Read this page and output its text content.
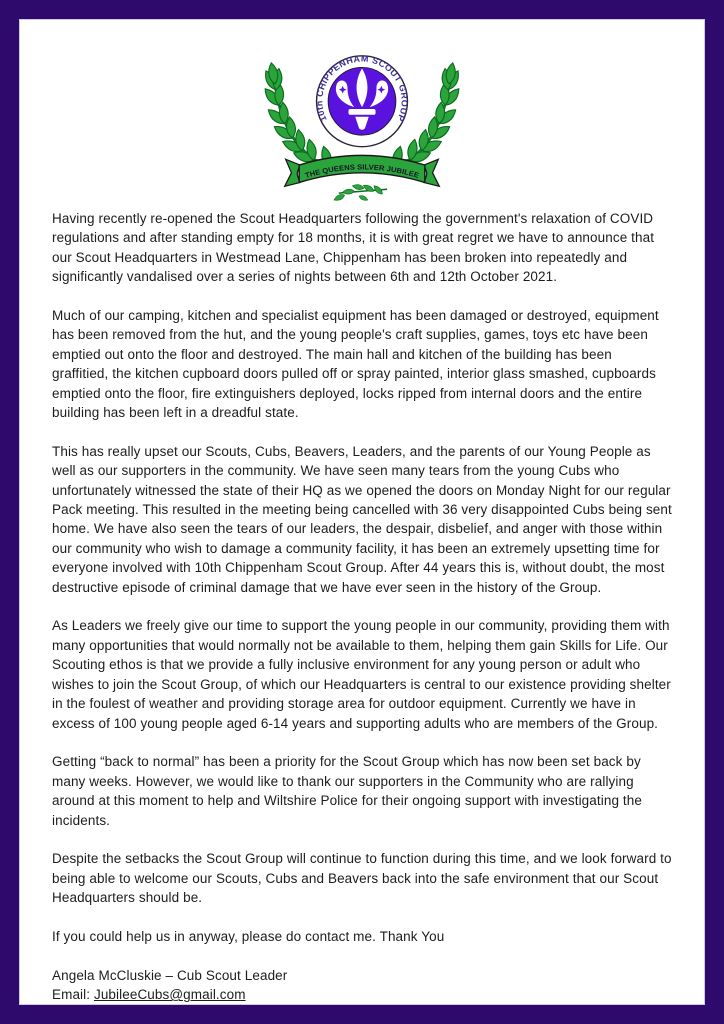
10th CHIPPENHAM SCOUT GROUP
THE QUEENS SILVER JUBILEE

Having recently re-opened the Scout Headquarters following the government's relaxation of COVID regulations and after standing empty for 18 months, it is with great regret we have to announce that our Scout Headquarters in Westmead Lane, Chippenham has been broken into repeatedly and significantly vandalised over a series of nights between 6th and 12th October 2021.

Much of our camping, kitchen and specialist equipment has been damaged or destroyed, equipment has been removed from the hut, and the young people's craft supplies, games, toys etc have been emptied out onto the floor and destroyed. The main hall and kitchen of the building has been graffitied, the kitchen cupboard doors pulled off or spray painted, interior glass smashed, cupboards emptied onto the floor, fire extinguishers deployed, locks ripped from internal doors and the entire building has been left in a dreadful state.

This has really upset our Scouts, Cubs, Beavers, Leaders, and the parents of our Young People as well as our supporters in the community. We have seen many tears from the young Cubs who unfortunately witnessed the state of their HQ as we opened the doors on Monday Night for our regular Pack meeting. This resulted in the meeting being cancelled with 36 very disappointed Cubs being sent home. We have also seen the tears of our leaders, the despair, disbelief, and anger with those within our community who wish to damage a community facility, it has been an extremely upsetting time for everyone involved with 10th Chippenham Scout Group. After 44 years this is, without doubt, the most destructive episode of criminal damage that we have ever seen in the history of the Group.

As Leaders we freely give our time to support the young people in our community, providing them with many opportunities that would normally not be available to them, helping them gain Skills for Life. Our Scouting ethos is that we provide a fully inclusive environment for any young person or adult who wishes to join the Scout Group, of which our Headquarters is central to our existence providing shelter in the foulest of weather and providing storage area for outdoor equipment. Currently we have in excess of 100 young people aged 6-14 years and supporting adults who are members of the Group.

Getting “back to normal” has been a priority for the Scout Group which has now been set back by many weeks. However, we would like to thank our supporters in the Community who are rallying around at this moment to help and Wiltshire Police for their ongoing support with investigating the incidents.

Despite the setbacks the Scout Group will continue to function during this time, and we look forward to being able to welcome our Scouts, Cubs and Beavers back into the safe environment that our Scout Headquarters should be.

If you could help us in anyway, please do contact me. Thank You

Angela McCluskie – Cub Scout Leader

Email: JubileeCubs@gmail.com
